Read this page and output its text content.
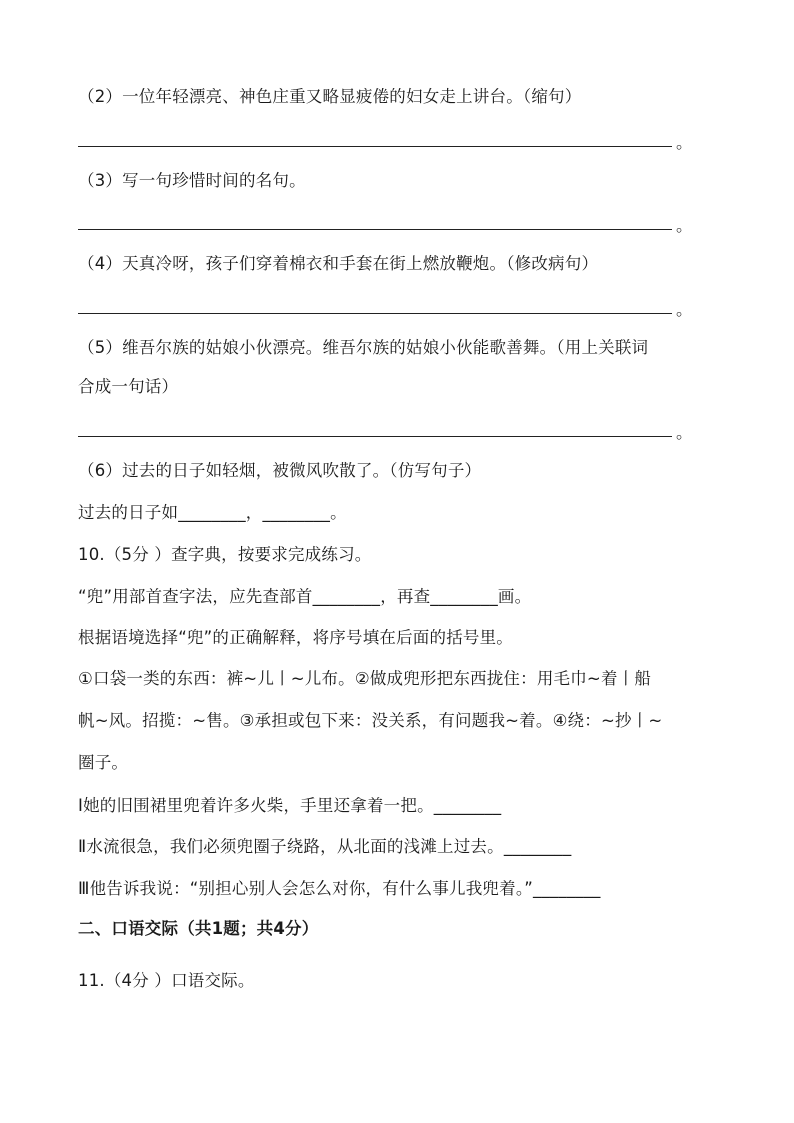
（2）一位年轻漂亮、神色庄重又略显疲倦的妇女走上讲台。（缩句）
。
（3）写一句珍惜时间的名句。
。
（4）天真冷呀，孩子们穿着棉衣和手套在街上燃放鞭炮。（修改病句）
。
（5）维吾尔族的姑娘小伙漂亮。维吾尔族的姑娘小伙能歌善舞。（用上关联词
合成一句话）
。
（6）过去的日子如轻烟，被微风吹散了。（仿写句子）
过去的日子如________，________。
10.（5分 ）查字典，按要求完成练习。
“兜”用部首查字法，应先查部首________，再查________画。
根据语境选择“兜”的正确解释，将序号填在后面的括号里。
①口袋一类的东西：裤~儿丨~儿布。②做成兜形把东西拢住：用毛巾~着丨船
帆~风。招揽：~售。③承担或包下来：没关系，有问题我~着。④绕：~抄丨~
圈子。
Ⅰ她的旧围裙里兜着许多火柴，手里还拿着一把。________
Ⅱ水流很急，我们必须兜圈子绕路，从北面的浅滩上过去。________
Ⅲ他告诉我说：“别担心别人会怎么对你，有什么事儿我兜着。”________
二、口语交际（共1题；共4分）
11.（4分 ）口语交际。
